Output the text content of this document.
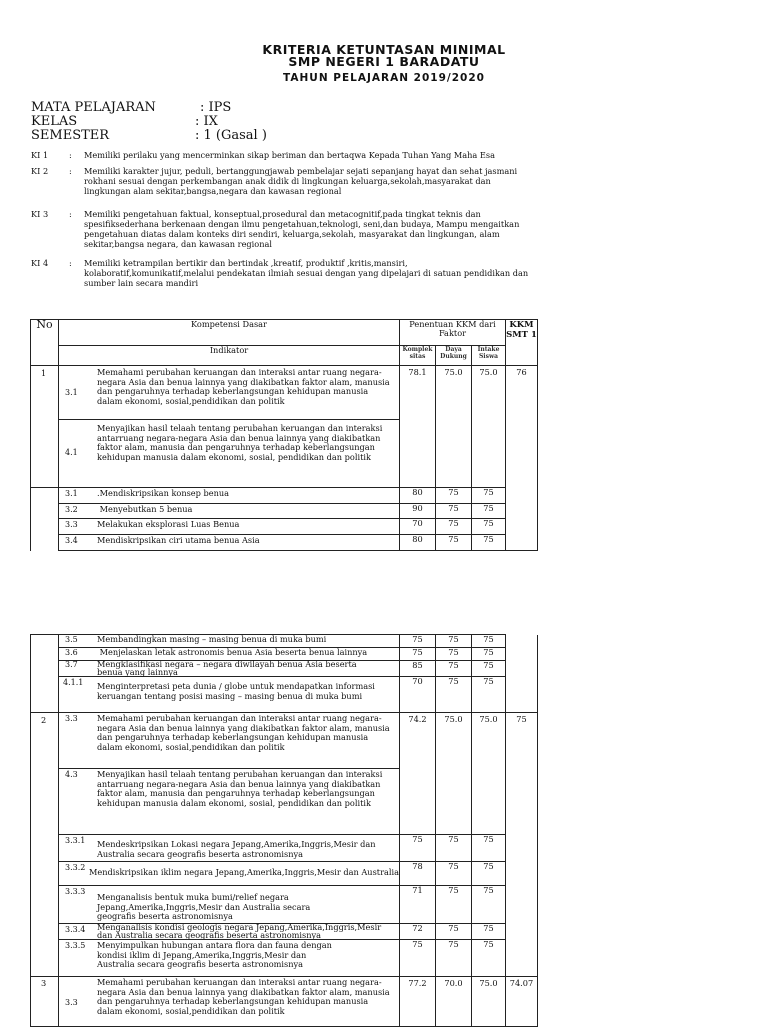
KRITERIA KETUNTASAN MINIMAL
SMP NEGERI 1 BARADATU
TAHUN PELAJARAN 2019/2020
MATA PELAJARAN	: IPS
KELAS	: IX
SEMESTER	: 1 (Gasal )
KI 1	: Memiliki perilaku yang mencerminkan sikap beriman dan bertaqwa Kepada Tuhan Yang Maha Esa
KI 2	: Memiliki karakter jujur, peduli, bertanggungjawab pembelajar sejati sepanjang hayat dan sehat jasmani rokhani sesuai dengan perkembangan anak didik di lingkungan keluarga,sekolah,masyarakat dan lingkungan alam sekitar,bangsa,negara dan kawasan regional
KI 3	: Memiliki pengetahuan faktual, konseptual,prosedural dan metacognitif,pada tingkat teknis dan spesifiksederhana berkenaan dengan ilmu pengetahuan,teknologi, seni,dan budaya, Mampu mengaitkan pengetahuan diatas dalam konteks diri sendiri, keluarga,sekolah, masyarakat dan lingkungan, alam sekitar,bangsa negara, dan kawasan regional
KI 4	: Memiliki ketrampilan bertikir dan bertindak ,kreatif, produktif ,kritis,mansiri, kolaboratif,komunikatif,melalui pendekatan ilmiah sesuai dengan yang dipelajari di satuan pendidikan dan sumber lain secara mandiri
No	Kompetensi Dasar	Penentuan KKM dari Faktor			KKM SMT 1
	Indikator	Komplek sitas	Daya Dukung	Intake Siswa	

1	3.1
Memahami perubahan keruangan dan interaksi antar ruang negara-negara Asia dan benua lainnya yang diakibatkan faktor alam, manusia dan pengaruhnya terhadap keberlangsungan kehidupan manusia dalam ekonomi, sosial,pendidikan dan politik	78.1	75.0	75.0	76

	4.1
Menyajikan hasil telaah tentang perubahan keruangan dan interaksi antarruang negara-negara Asia dan benua lainnya yang diakibatkan faktor alam, manusia dan pengaruhnya terhadap keberlangsungan kehidupan manusia dalam ekonomi, sosial, pendidikan dan politik				

	3.1 .Mendiskripsikan konsep benua	80	75	75	
	3.2 Menyebutkan 5 benua	90	75	75	
	3.3 Melakukan eksplorasi Luas Benua	70	75	75	
	3.4 Mendiskripsikan ciri utama benua Asia	80	75	75	
	3.5 Membandingkan masing – masing benua di muka bumi	75	75	75	
	3.6 Menjelaskan letak astronomis benua Asia beserta benua lainnya	75	75	75	

	3.7 Mengklasifikasi negara – negara diwilayah benua Asia beserta benua yang lainnya	85	75	75	

	4.1.1 Menginterpretasi peta dunia / globe untuk mendapatkan informasi keruangan tentang posisi masing – masing benua di muka bumi	70	75	75	
2	3.3 Memahami perubahan keruangan dan interaksi antar ruang negara-negara Asia dan benua lainnya yang diakibatkan faktor alam, manusia dan pengaruhnya terhadap keberlangsungan kehidupan manusia dalam ekonomi, sosial,pendidikan dan politik	74.2	75.0	75.0	75

	4.3 Menyajikan hasil telaah tentang perubahan keruangan dan interaksi antarruang negara-negara Asia dan benua lainnya yang diakibatkan faktor alam, manusia dan pengaruhnya terhadap keberlangsungan kehidupan manusia dalam ekonomi, sosial, pendidikan dan politik				

	3.3.1 Mendeskripsikan Lokasi negara Jepang,Amerika,Inggris,Mesir dan Australia secara geografis beserta astronomisnya	75	75	75	

	3.3.2 Mendiskripsikan iklim negara Jepang,Amerika,Inggris,Mesir dan Australia	78	75	75	

	3.3.3
Menganalisis bentuk muka bumi/relief negara Jepang,Amerika,Inggris,Mesir dan Australia secara geografis beserta astronomisnya	71	75	75	

	3.3.4 Menganalisis kondisi geologis negara Jepang,Amerika,Inggris,Mesir dan Australia secara geografis beserta astronomisnya	72	75	75	

	3.3.5 Menyimpulkan hubungan antara flora dan fauna dengan kondisi iklim di Jepang,Amerika,Inggris,Mesir dan Australia secara geografis beserta astronomisnya	75	75	75	
3	3.3
Memahami perubahan keruangan dan interaksi antar ruang negara-negara Asia dan benua lainnya yang diakibatkan faktor alam, manusia dan pengaruhnya terhadap keberlangsungan kehidupan manusia dalam ekonomi, sosial,pendidikan dan politik	77.2	70.0	75.0	74.07
